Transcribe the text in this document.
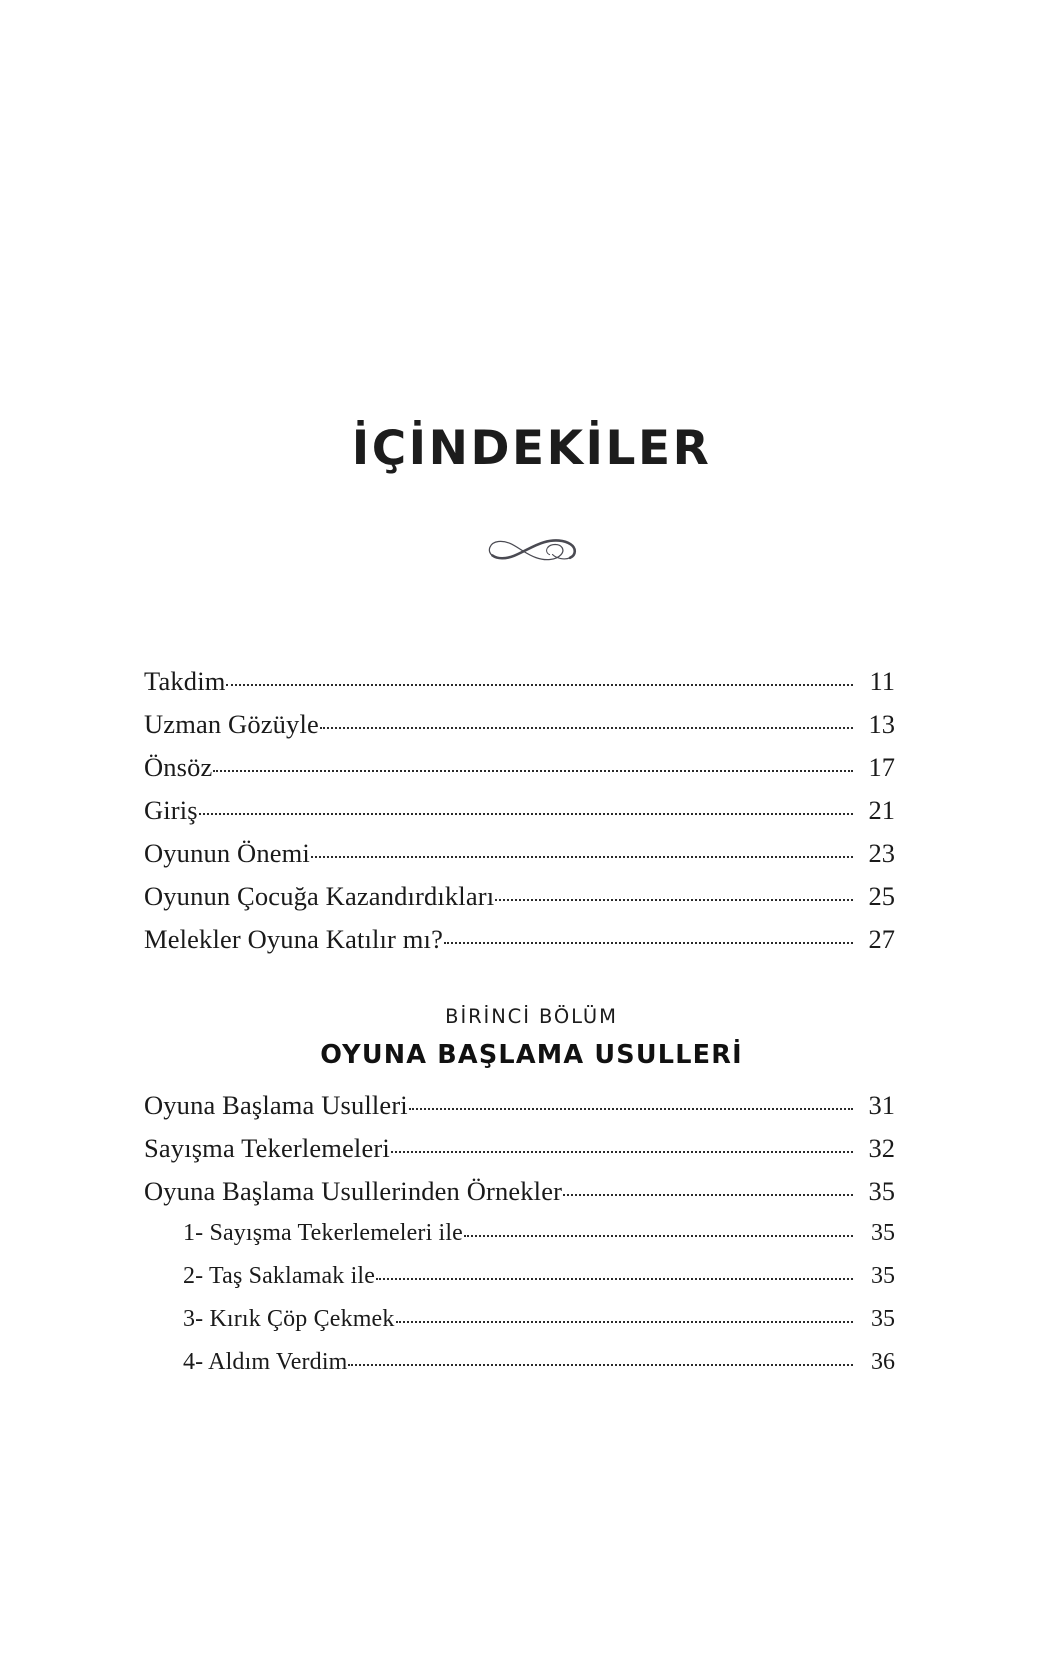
İÇİNDEKİLER
Takdim	11
Uzman Gözüyle	13
Önsöz	17
Giriş	21
Oyunun Önemi	23
Oyunun Çocuğa Kazandırdıkları	25
Melekler Oyuna Katılır mı?	27
BİRİNCİ BÖLÜM
OYUNA BAŞLAMA USULLERİ
Oyuna Başlama Usulleri	31
Sayışma Tekerlemeleri	32
Oyuna Başlama Usullerinden Örnekler	35
1- Sayışma Tekerlemeleri ile	35
2- Taş Saklamak ile	35
3- Kırık Çöp Çekmek	35
4- Aldım Verdim	36
